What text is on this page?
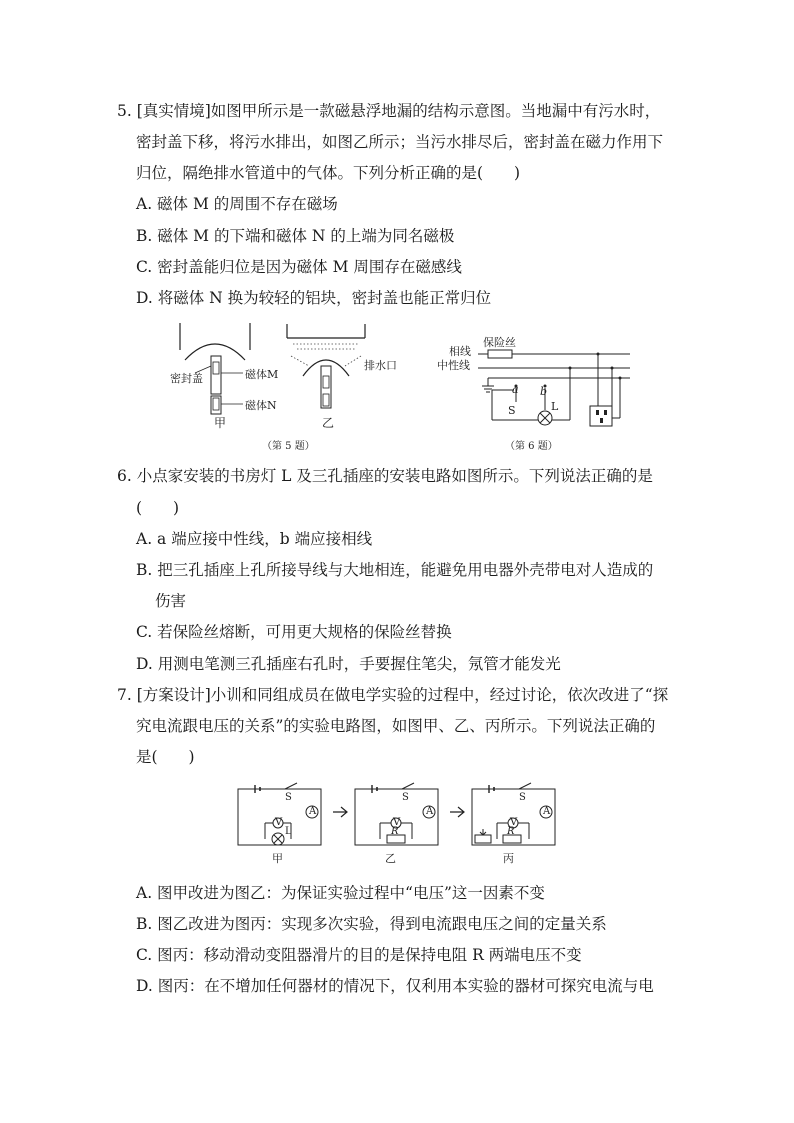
5. [真实情境]如图甲所示是一款磁悬浮地漏的结构示意图。当地漏中有污水时，
密封盖下移，将污水排出，如图乙所示；当污水排尽后，密封盖在磁力作用下
归位，隔绝排水管道中的气体。下列分析正确的是(　　)
A. 磁体 M 的周围不存在磁场
B. 磁体 M 的下端和磁体 N 的上端为同名磁极
C. 密封盖能归位是因为磁体 M 周围存在磁感线
D. 将磁体 N 换为较轻的铝块，密封盖也能正常归位
密封盖	磁体M
磁体N
甲
排水口
乙
（第 5 题）
相线
保险丝
中性线
a b
S	L
（第 6 题）
6. 小点家安装的书房灯 L 及三孔插座的安装电路如图所示。下列说法正确的是
(　　)
A. a 端应接中性线，b 端应接相线
B. 把三孔插座上孔所接导线与大地相连，能避免用电器外壳带电对人造成的
伤害
C. 若保险丝熔断，可用更大规格的保险丝替换
D. 用测电笔测三孔插座右孔时，手要握住笔尖，氖管才能发光
7. [方案设计]小训和同组成员在做电学实验的过程中，经过讨论，依次改进了“探
究电流跟电压的关系”的实验电路图，如图甲、乙、丙所示。下列说法正确的
是(　　)
S
A
V
L
甲
S
A
V
R
乙
S
A
V
R
丙
A. 图甲改进为图乙：为保证实验过程中“电压”这一因素不变
B. 图乙改进为图丙：实现多次实验，得到电流跟电压之间的定量关系
C. 图丙：移动滑动变阻器滑片的目的是保持电阻 R 两端电压不变
D. 图丙：在不增加任何器材的情况下，仅利用本实验的器材可探究电流与电
